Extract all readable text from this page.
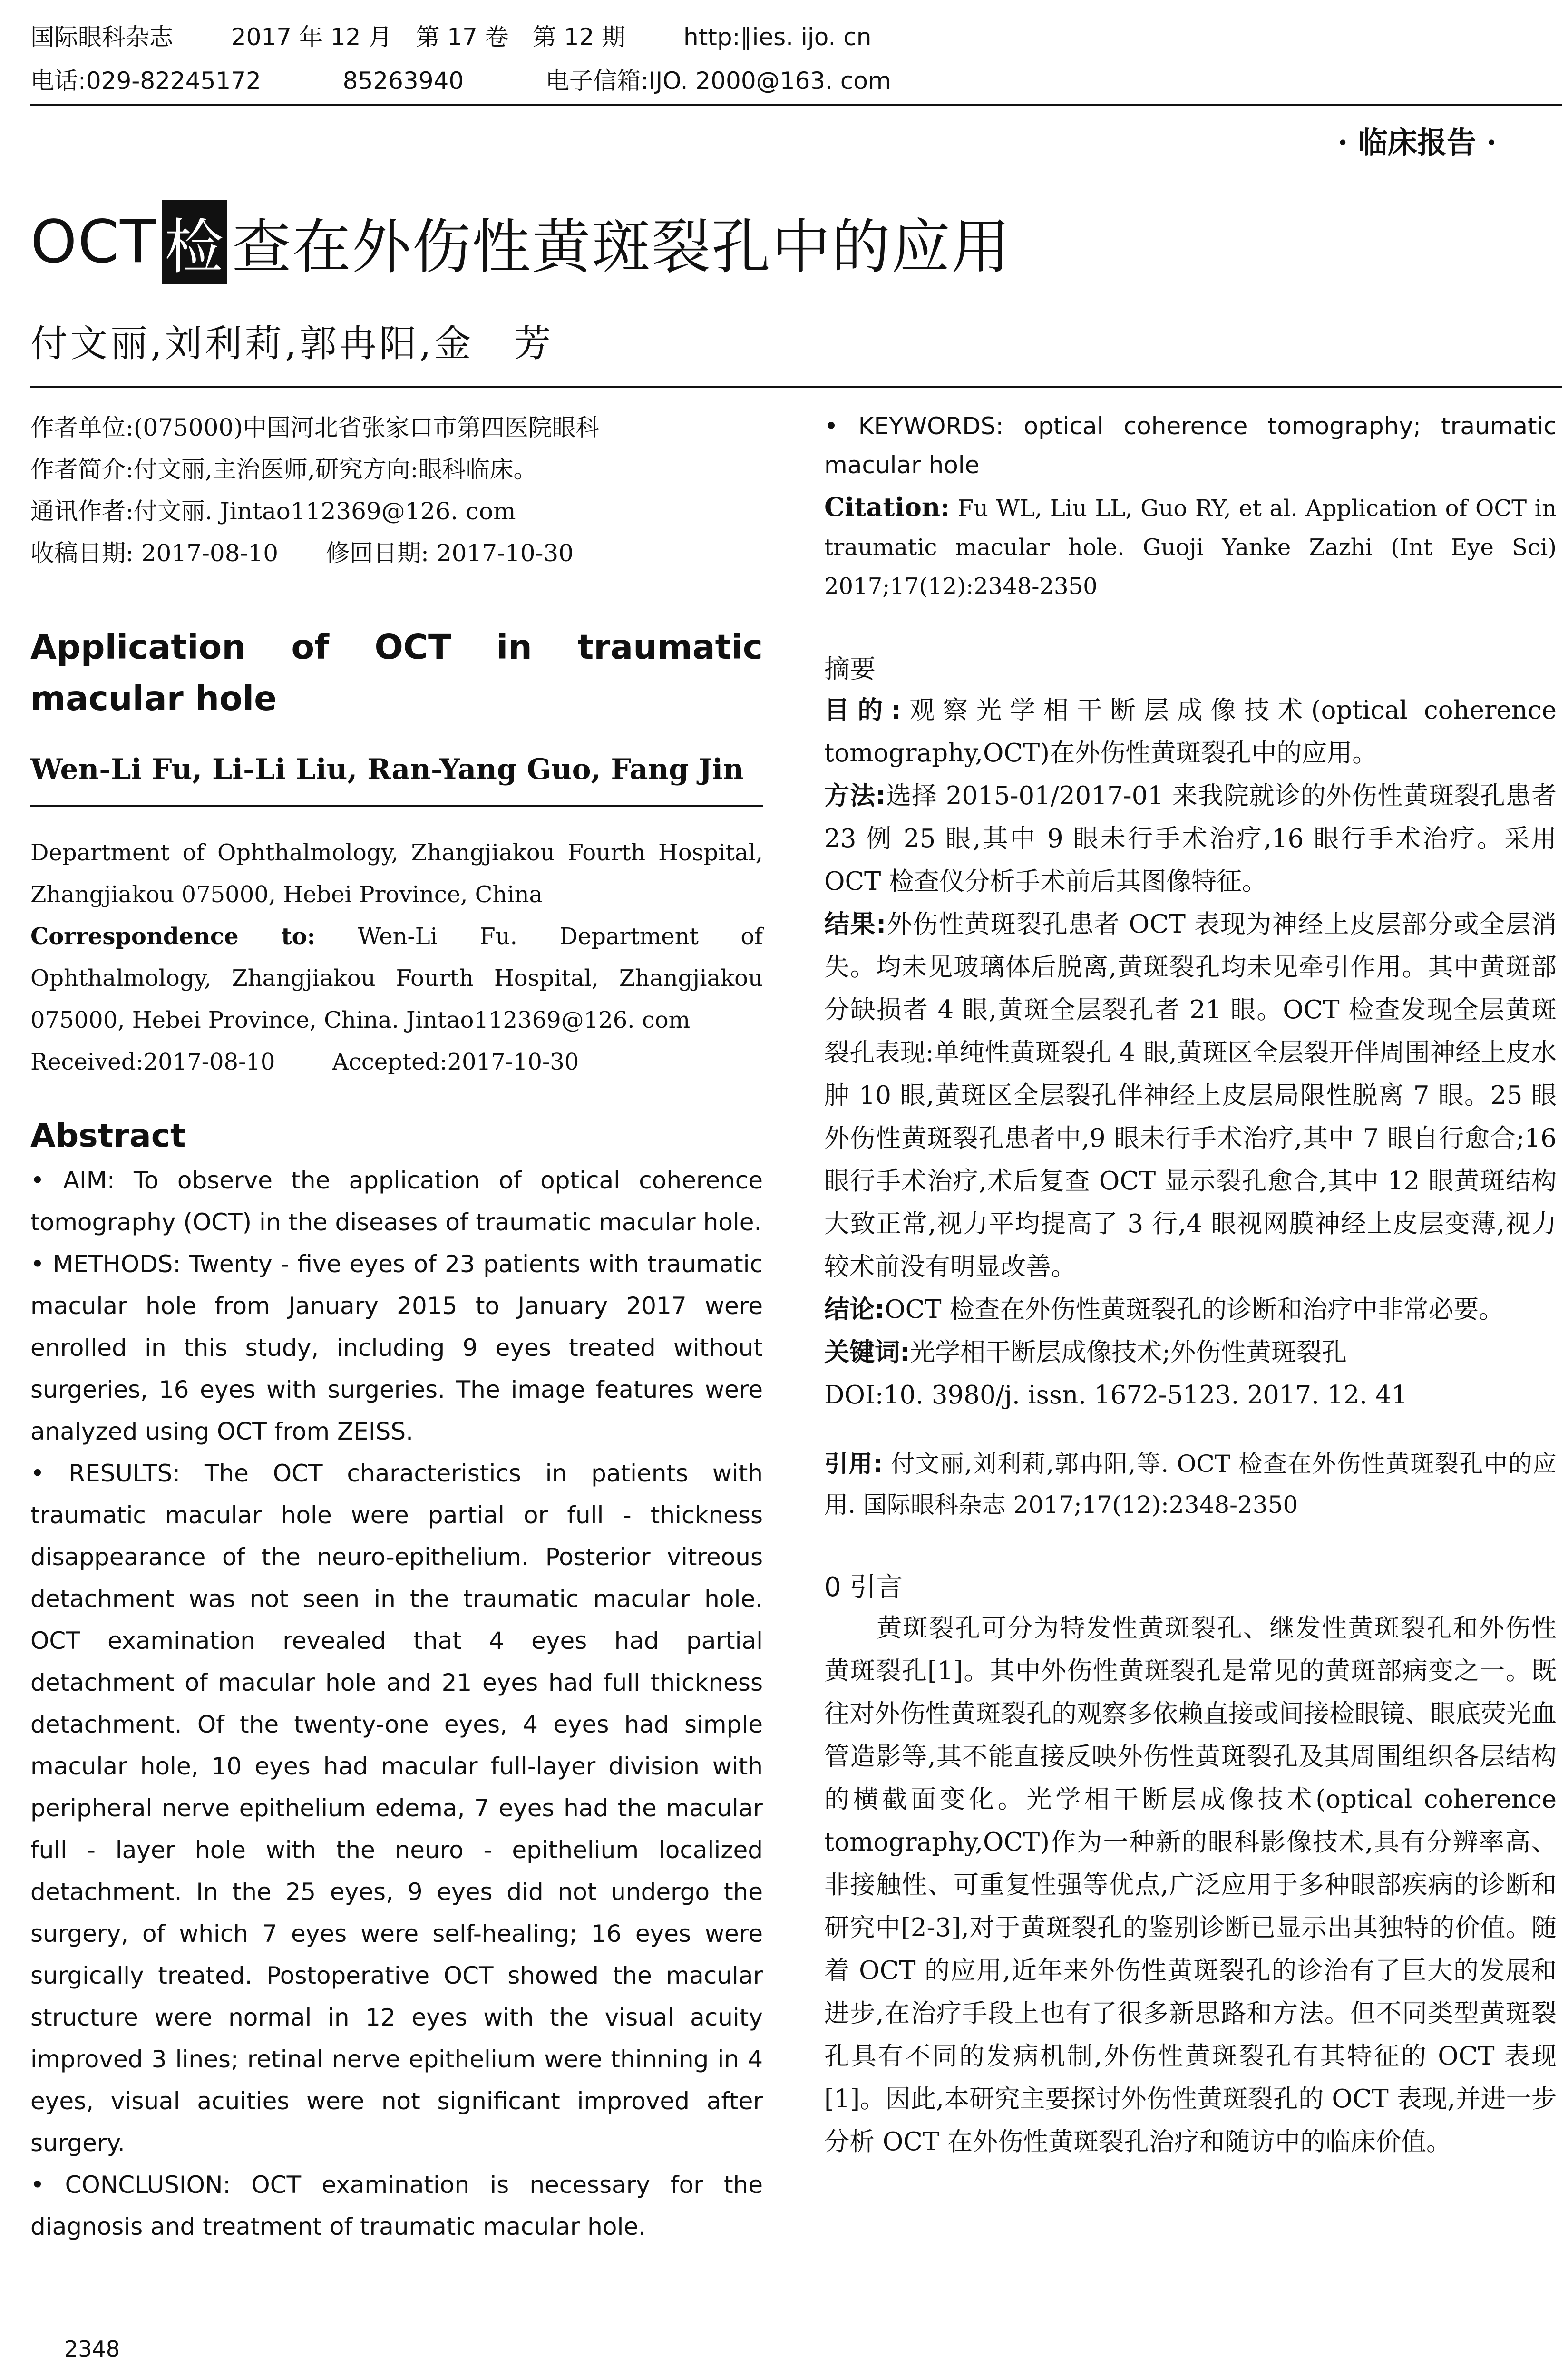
国际眼科杂志 2017 年 12 月　第 17 卷　第 12 期 http:∥ies. ijo. cn
电话:029-82245172	85263940	电子信箱:IJO. 2000@163. com
· 临床报告 ·
OCT 检 查在外伤性黄斑裂孔中的应用
付文丽,刘利莉,郭冉阳,金　芳

作者单位:(075000)中国河北省张家口市第四医院眼科

作者简介:付文丽,主治医师,研究方向:眼科临床。

通讯作者:付文丽. Jintao112369@126. com

收稿日期: 2017-08-10　　修回日期: 2017-10-30

Application of OCT in traumatic macular hole
Wen-Li Fu, Li-Li Liu, Ran-Yang Guo, Fang Jin

Department of Ophthalmology, Zhangjiakou Fourth Hospital, Zhangjiakou 075000, Hebei Province, China

Correspondence to: Wen-Li Fu. Department of Ophthalmology, Zhangjiakou Fourth Hospital, Zhangjiakou 075000, Hebei Province, China. Jintao112369@126. com

Received:2017-08-10	Accepted:2017-10-30

Abstract

• AIM: To observe the application of optical coherence tomography (OCT) in the diseases of traumatic macular hole.

• METHODS: Twenty - five eyes of 23 patients with traumatic macular hole from January 2015 to January 2017 were enrolled in this study, including 9 eyes treated without surgeries, 16 eyes with surgeries. The image features were analyzed using OCT from ZEISS.

• RESULTS: The OCT characteristics in patients with traumatic macular hole were partial or full - thickness disappearance of the neuro-epithelium. Posterior vitreous detachment was not seen in the traumatic macular hole. OCT examination revealed that 4 eyes had partial detachment of macular hole and 21 eyes had full thickness detachment. Of the twenty-one eyes, 4 eyes had simple macular hole, 10 eyes had macular full-layer division with peripheral nerve epithelium edema, 7 eyes had the macular full - layer hole with the neuro - epithelium localized detachment. In the 25 eyes, 9 eyes did not undergo the surgery, of which 7 eyes were self-healing; 16 eyes were surgically treated. Postoperative OCT showed the macular structure were normal in 12 eyes with the visual acuity improved 3 lines; retinal nerve epithelium were thinning in 4 eyes, visual acuities were not significant improved after surgery.

• CONCLUSION: OCT examination is necessary for the diagnosis and treatment of traumatic macular hole.

• KEYWORDS: optical coherence tomography; traumatic macular hole

Citation: Fu WL, Liu LL, Guo RY, et al. Application of OCT in traumatic macular hole. Guoji Yanke Zazhi (Int Eye Sci) 2017;17(12):2348-2350

摘要

目的:观察光学相干断层成像技术(optical coherence tomography,OCT)在外伤性黄斑裂孔中的应用。

方法:选择 2015-01/2017-01 来我院就诊的外伤性黄斑裂孔患者 23 例 25 眼,其中 9 眼未行手术治疗,16 眼行手术治疗。采用 OCT 检查仪分析手术前后其图像特征。

结果:外伤性黄斑裂孔患者 OCT 表现为神经上皮层部分或全层消失。均未见玻璃体后脱离,黄斑裂孔均未见牵引作用。其中黄斑部分缺损者 4 眼,黄斑全层裂孔者 21 眼。OCT 检查发现全层黄斑裂孔表现:单纯性黄斑裂孔 4 眼,黄斑区全层裂开伴周围神经上皮水肿 10 眼,黄斑区全层裂孔伴神经上皮层局限性脱离 7 眼。25 眼外伤性黄斑裂孔患者中,9 眼未行手术治疗,其中 7 眼自行愈合;16 眼行手术治疗,术后复查 OCT 显示裂孔愈合,其中 12 眼黄斑结构大致正常,视力平均提高了 3 行,4 眼视网膜神经上皮层变薄,视力较术前没有明显改善。

结论:OCT 检查在外伤性黄斑裂孔的诊断和治疗中非常必要。

关键词:光学相干断层成像技术;外伤性黄斑裂孔

DOI:10. 3980/j. issn. 1672-5123. 2017. 12. 41

引用: 付文丽,刘利莉,郭冉阳,等. OCT 检查在外伤性黄斑裂孔中的应用. 国际眼科杂志 2017;17(12):2348-2350

0 引言

黄斑裂孔可分为特发性黄斑裂孔、继发性黄斑裂孔和外伤性黄斑裂孔[1]。其中外伤性黄斑裂孔是常见的黄斑部病变之一。既往对外伤性黄斑裂孔的观察多依赖直接或间接检眼镜、眼底荧光血管造影等,其不能直接反映外伤性黄斑裂孔及其周围组织各层结构的横截面变化。光学相干断层成像技术(optical coherence tomography,OCT)作为一种新的眼科影像技术,具有分辨率高、非接触性、可重复性强等优点,广泛应用于多种眼部疾病的诊断和研究中[2-3],对于黄斑裂孔的鉴别诊断已显示出其独特的价值。随着 OCT 的应用,近年来外伤性黄斑裂孔的诊治有了巨大的发展和进步,在治疗手段上也有了很多新思路和方法。但不同类型黄斑裂孔具有不同的发病机制,外伤性黄斑裂孔有其特征的 OCT 表现[1]。因此,本研究主要探讨外伤性黄斑裂孔的 OCT 表现,并进一步分析 OCT 在外伤性黄斑裂孔治疗和随访中的临床价值。

2348
